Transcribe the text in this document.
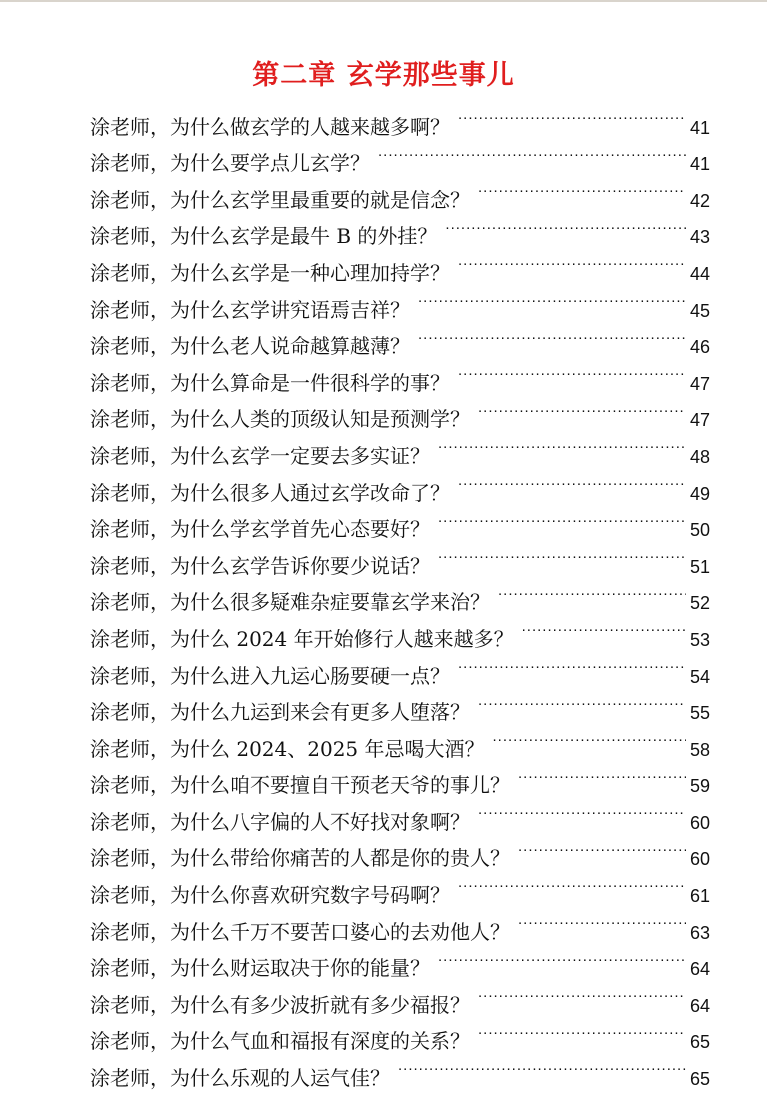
第二章 玄学那些事儿
涂老师，为什么做玄学的人越来越多啊？ .....	41
涂老师，为什么要学点儿玄学？ .....	41
涂老师，为什么玄学里最重要的就是信念？ .....	42
涂老师，为什么玄学是最牛 B 的外挂？ .....	43
涂老师，为什么玄学是一种心理加持学？ .....	44
涂老师，为什么玄学讲究语焉吉祥？ .....	45
涂老师，为什么老人说命越算越薄？ .....	46
涂老师，为什么算命是一件很科学的事？ .....	47
涂老师，为什么人类的顶级认知是预测学？ .....	47
涂老师，为什么玄学一定要去多实证？ .....	48
涂老师，为什么很多人通过玄学改命了？ .....	49
涂老师，为什么学玄学首先心态要好？ .....	50
涂老师，为什么玄学告诉你要少说话？ .....	51
涂老师，为什么很多疑难杂症要靠玄学来治？ .....	52
涂老师，为什么 2024 年开始修行人越来越多？ .....	53
涂老师，为什么进入九运心肠要硬一点？ .....	54
涂老师，为什么九运到来会有更多人堕落？ .....	55
涂老师，为什么 2024、2025 年忌喝大酒？ .....	58
涂老师，为什么咱不要擅自干预老天爷的事儿？ .....	59
涂老师，为什么八字偏的人不好找对象啊？ .....	60
涂老师，为什么带给你痛苦的人都是你的贵人？ .....	60
涂老师，为什么你喜欢研究数字号码啊？ .....	61
涂老师，为什么千万不要苦口婆心的去劝他人？ .....	63
涂老师，为什么财运取决于你的能量？ .....	64
涂老师，为什么有多少波折就有多少福报？ .....	64
涂老师，为什么气血和福报有深度的关系？ .....	65
涂老师，为什么乐观的人运气佳？ .....	65
